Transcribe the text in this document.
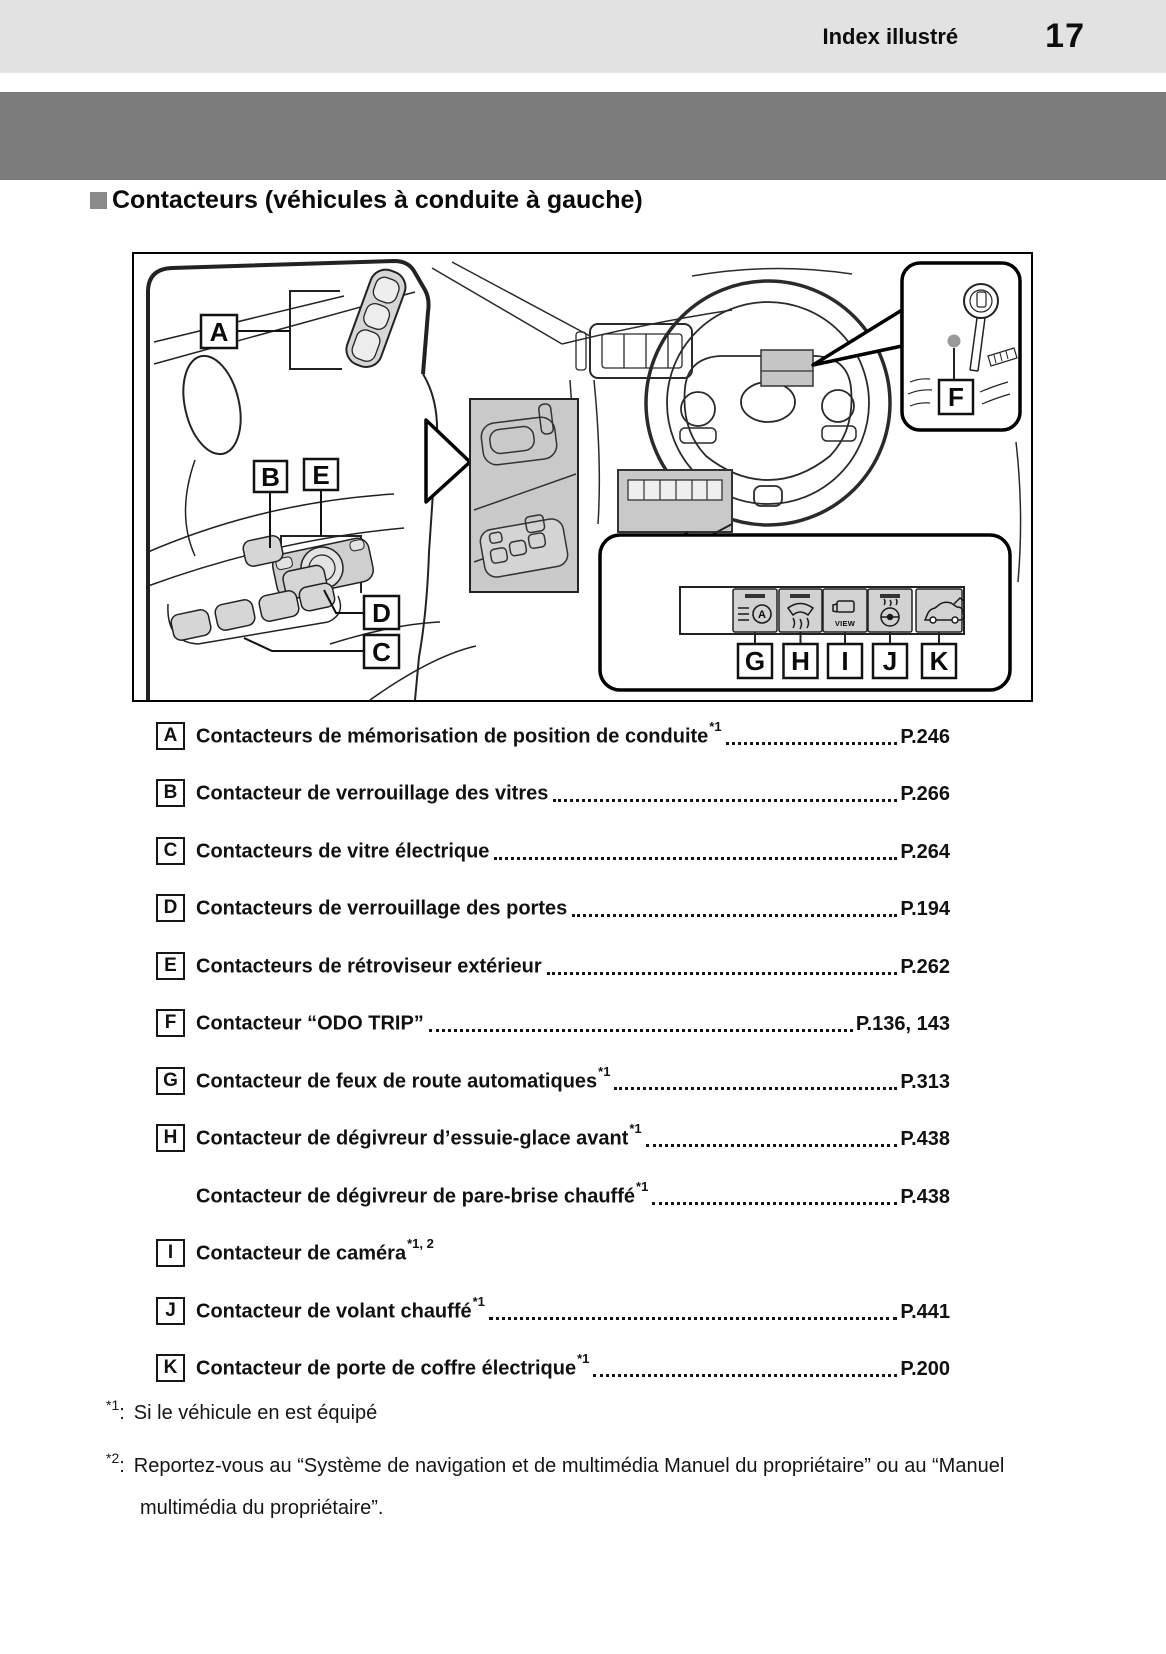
Index illustré	17
Contacteurs (véhicules à conduite à gauche)
F
A
VIEW
G H I J K
A
B E
D
C
A Contacteurs de mémorisation de position de conduite$^{*1}$	P.246
B Contacteur de verrouillage des vitres	P.266
C Contacteurs de vitre électrique	P.264
D Contacteurs de verrouillage des portes	P.194
E Contacteurs de rétroviseur extérieur	P.262
F Contacteur “ODO TRIP”	P.136, 143
G Contacteur de feux de route automatiques$^{*1}$	P.313
H Contacteur de dégivreur d’essuie-glace avant$^{*1}$	P.438
Contacteur de dégivreur de pare-brise chauffé$^{*1}$	P.438
I Contacteur de caméra$^{*1, 2}$
J Contacteur de volant chauffé$^{*1}$	P.441
K Contacteur de porte de coffre électrique$^{*1}$	P.200
$^{*1}$ : Si le véhicule en est équipé
$^{*2}$ : Reportez-vous au “Système de navigation et de multimédia Manuel du propriétaire” ou au “Manuel multimédia du propriétaire”.
